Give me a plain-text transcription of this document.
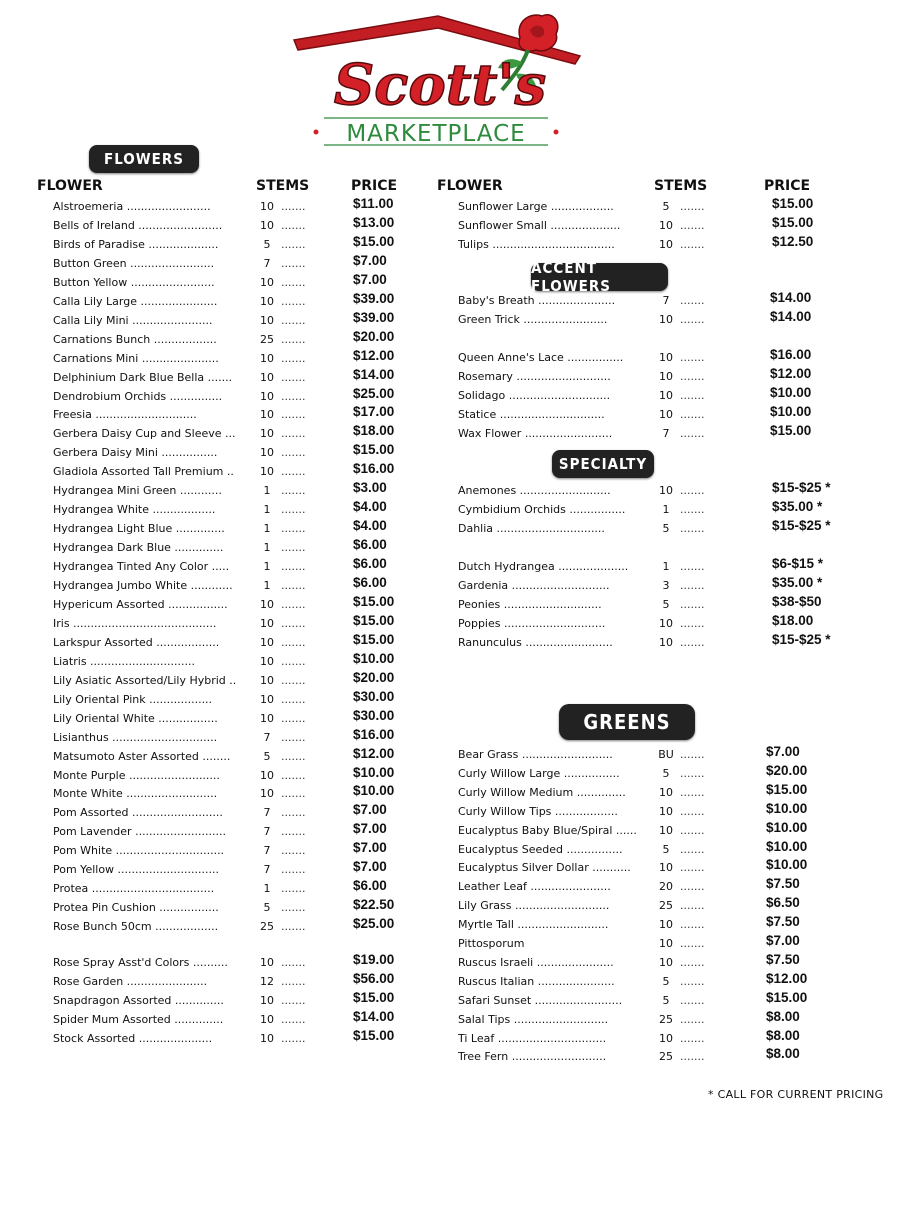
Scott's
MARKETPLACE
FLOWERS
ACCENT FLOWERS
SPECIALTY
GREENS
FLOWER	STEMS	PRICE	FLOWER	STEMS	PRICE
Alstroemeria ........................	10 .......	$11.00
Bells of Ireland ........................	10 .......	$13.00
Birds of Paradise ....................	5 .......	$15.00
Button Green ........................	7 .......	$7.00
Button Yellow ........................	10 .......	$7.00
Calla Lily Large ......................	10 .......	$39.00
Calla Lily Mini .......................	10 .......	$39.00
Carnations Bunch ..................	25 .......	$20.00
Carnations Mini ......................	10 .......	$12.00
Delphinium Dark Blue Bella .......	10 .......	$14.00
Dendrobium Orchids ...............	10 .......	$25.00
Freesia .............................	10 .......	$17.00
Gerbera Daisy Cup and Sleeve ...	10 .......	$18.00
Gerbera Daisy Mini ................	10 .......	$15.00
Gladiola Assorted Tall Premium ..	10 .......	$16.00
Hydrangea Mini Green ............	1 .......	$3.00
Hydrangea White ..................	1 .......	$4.00
Hydrangea Light Blue ..............	1 .......	$4.00
Hydrangea Dark Blue ..............	1 .......	$6.00
Hydrangea Tinted Any Color .....	1 .......	$6.00
Hydrangea Jumbo White ............	1 .......	$6.00
Hypericum Assorted .................	10 .......	$15.00
Iris .........................................	10 .......	$15.00
Larkspur Assorted ..................	10 .......	$15.00
Liatris ..............................	10 .......	$10.00
Lily Asiatic Assorted/Lily Hybrid ..	10 .......	$20.00
Lily Oriental Pink ..................	10 .......	$30.00
Lily Oriental White .................	10 .......	$30.00
Lisianthus ..............................	7 .......	$16.00
Matsumoto Aster Assorted ........	5 .......	$12.00
Monte Purple ..........................	10 .......	$10.00
Monte White ..........................	10 .......	$10.00
Pom Assorted ..........................	7 .......	$7.00
Pom Lavender ..........................	7 .......	$7.00
Pom White ...............................	7 .......	$7.00
Pom Yellow .............................	7 .......	$7.00
Protea ...................................	1 .......	$6.00
Protea Pin Cushion .................	5 .......	$22.50
Rose Bunch 50cm ..................	25 .......	$25.00
Rose Spray Asst'd Colors ..........	10 .......	$19.00
Rose Garden .......................	12 .......	$56.00
Snapdragon Assorted ..............	10 .......	$15.00
Spider Mum Assorted ..............	10 .......	$14.00
Stock Assorted .....................	10 .......	$15.00
Sunflower Large ..................	5 .......	$15.00
Sunflower Small ....................	10 .......	$15.00
Tulips ...................................	10 .......	$12.50
Baby's Breath ......................	7 .......	$14.00
Green Trick ........................	10 .......	$14.00
Queen Anne's Lace ................	10 .......	$16.00
Rosemary ...........................	10 .......	$12.00
Solidago .............................	10 .......	$10.00
Statice ..............................	10 .......	$10.00
Wax Flower .........................	7 .......	$15.00
Anemones ..........................	10 .......	$15-$25 *
Cymbidium Orchids ................	1 .......	$35.00 *
Dahlia ...............................	5 .......	$15-$25 *
Dutch Hydrangea ....................	1 .......	$6-$15 *
Gardenia ............................	3 .......	$35.00 *
Peonies ............................	5 .......	$38-$50
Poppies .............................	10 .......	$18.00
Ranunculus .........................	10 .......	$15-$25 *
Bear Grass ..........................	BU .......	$7.00
Curly Willow Large ................	5 .......	$20.00
Curly Willow Medium ..............	10 .......	$15.00
Curly Willow Tips ..................	10 .......	$10.00
Eucalyptus Baby Blue/Spiral ......	10 .......	$10.00
Eucalyptus Seeded ................	5 .......	$10.00
Eucalyptus Silver Dollar ...........	10 .......	$10.00
Leather Leaf .......................	20 .......	$7.50
Lily Grass ...........................	25 .......	$6.50
Myrtle Tall ..........................	10 .......	$7.50
Pittosporum	10 .......	$7.00
Ruscus Israeli ......................	10 .......	$7.50
Ruscus Italian ......................	5 .......	$12.00
Safari Sunset .........................	5 .......	$15.00
Salal Tips ...........................	25 .......	$8.00
Ti Leaf ...............................	10 .......	$8.00
Tree Fern ...........................	25 .......	$8.00
* CALL FOR CURRENT PRICING
